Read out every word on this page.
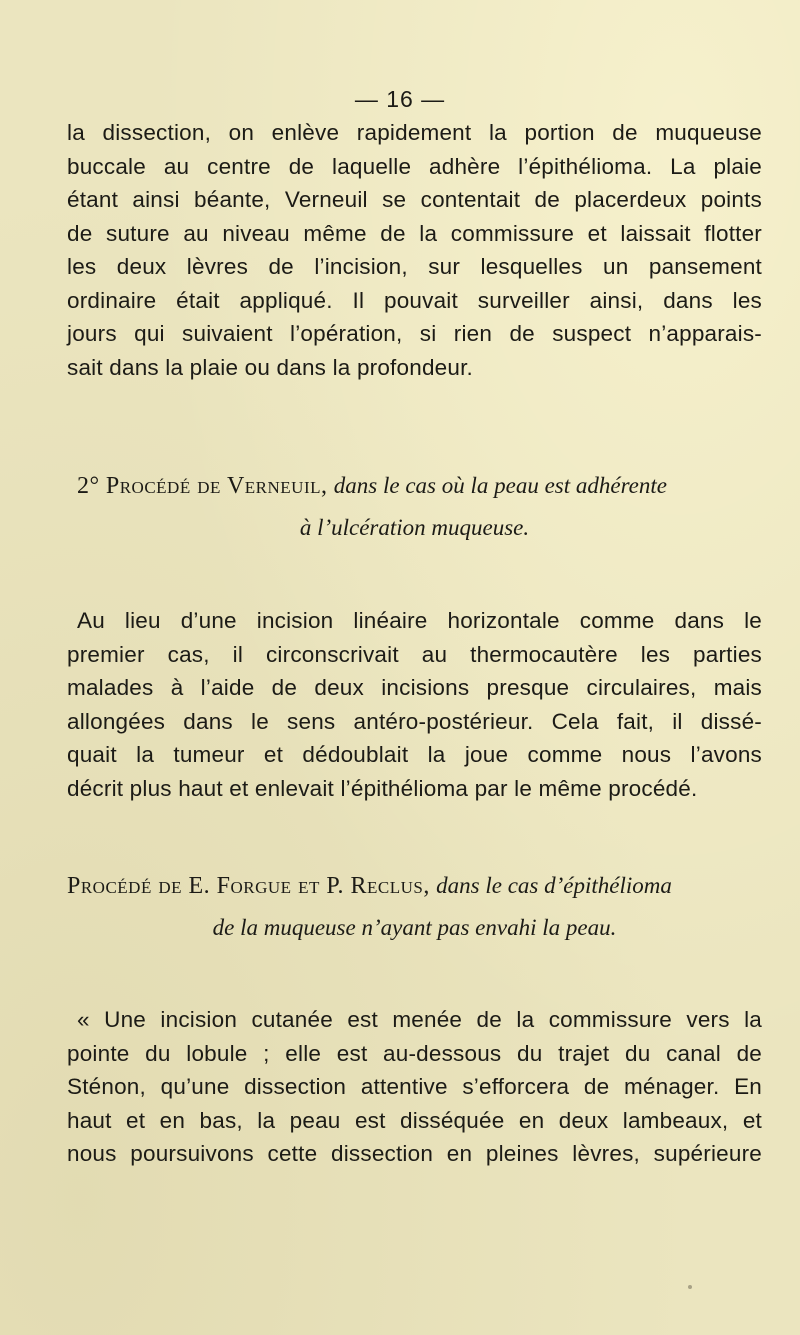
— 16 —
la dissection, on enlève rapidement la portion de muqueuse
buccale au centre de laquelle adhère l’épithélioma. La plaie
étant ainsi béante, Verneuil se contentait de placerdeux points
de suture au niveau même de la commissure et laissait flotter
les deux lèvres de l’incision, sur lesquelles un pansement
ordinaire était appliqué. Il pouvait surveiller ainsi, dans les
jours qui suivaient l’opération, si rien de suspect n’apparais-
sait dans la plaie ou dans la profondeur.
2° Procédé de Verneuil, dans le cas où la peau est adhérente
à l’ulcération muqueuse.
Au lieu d’une incision linéaire horizontale comme dans le
premier cas, il circonscrivait au thermocautère les parties
malades à l’aide de deux incisions presque circulaires, mais
allongées dans le sens antéro-postérieur. Cela fait, il dissé-
quait la tumeur et dédoublait la joue comme nous l’avons
décrit plus haut et enlevait l’épithélioma par le même procédé.
Procédé de E. Forgue et P. Reclus, dans le cas d’épithélioma
de la muqueuse n’ayant pas envahi la peau.
« Une incision cutanée est menée de la commissure vers la
pointe du lobule ; elle est au-dessous du trajet du canal de
Sténon, qu’une dissection attentive s’efforcera de ménager. En
haut et en bas, la peau est disséquée en deux lambeaux, et
nous poursuivons cette dissection en pleines lèvres, supérieure
